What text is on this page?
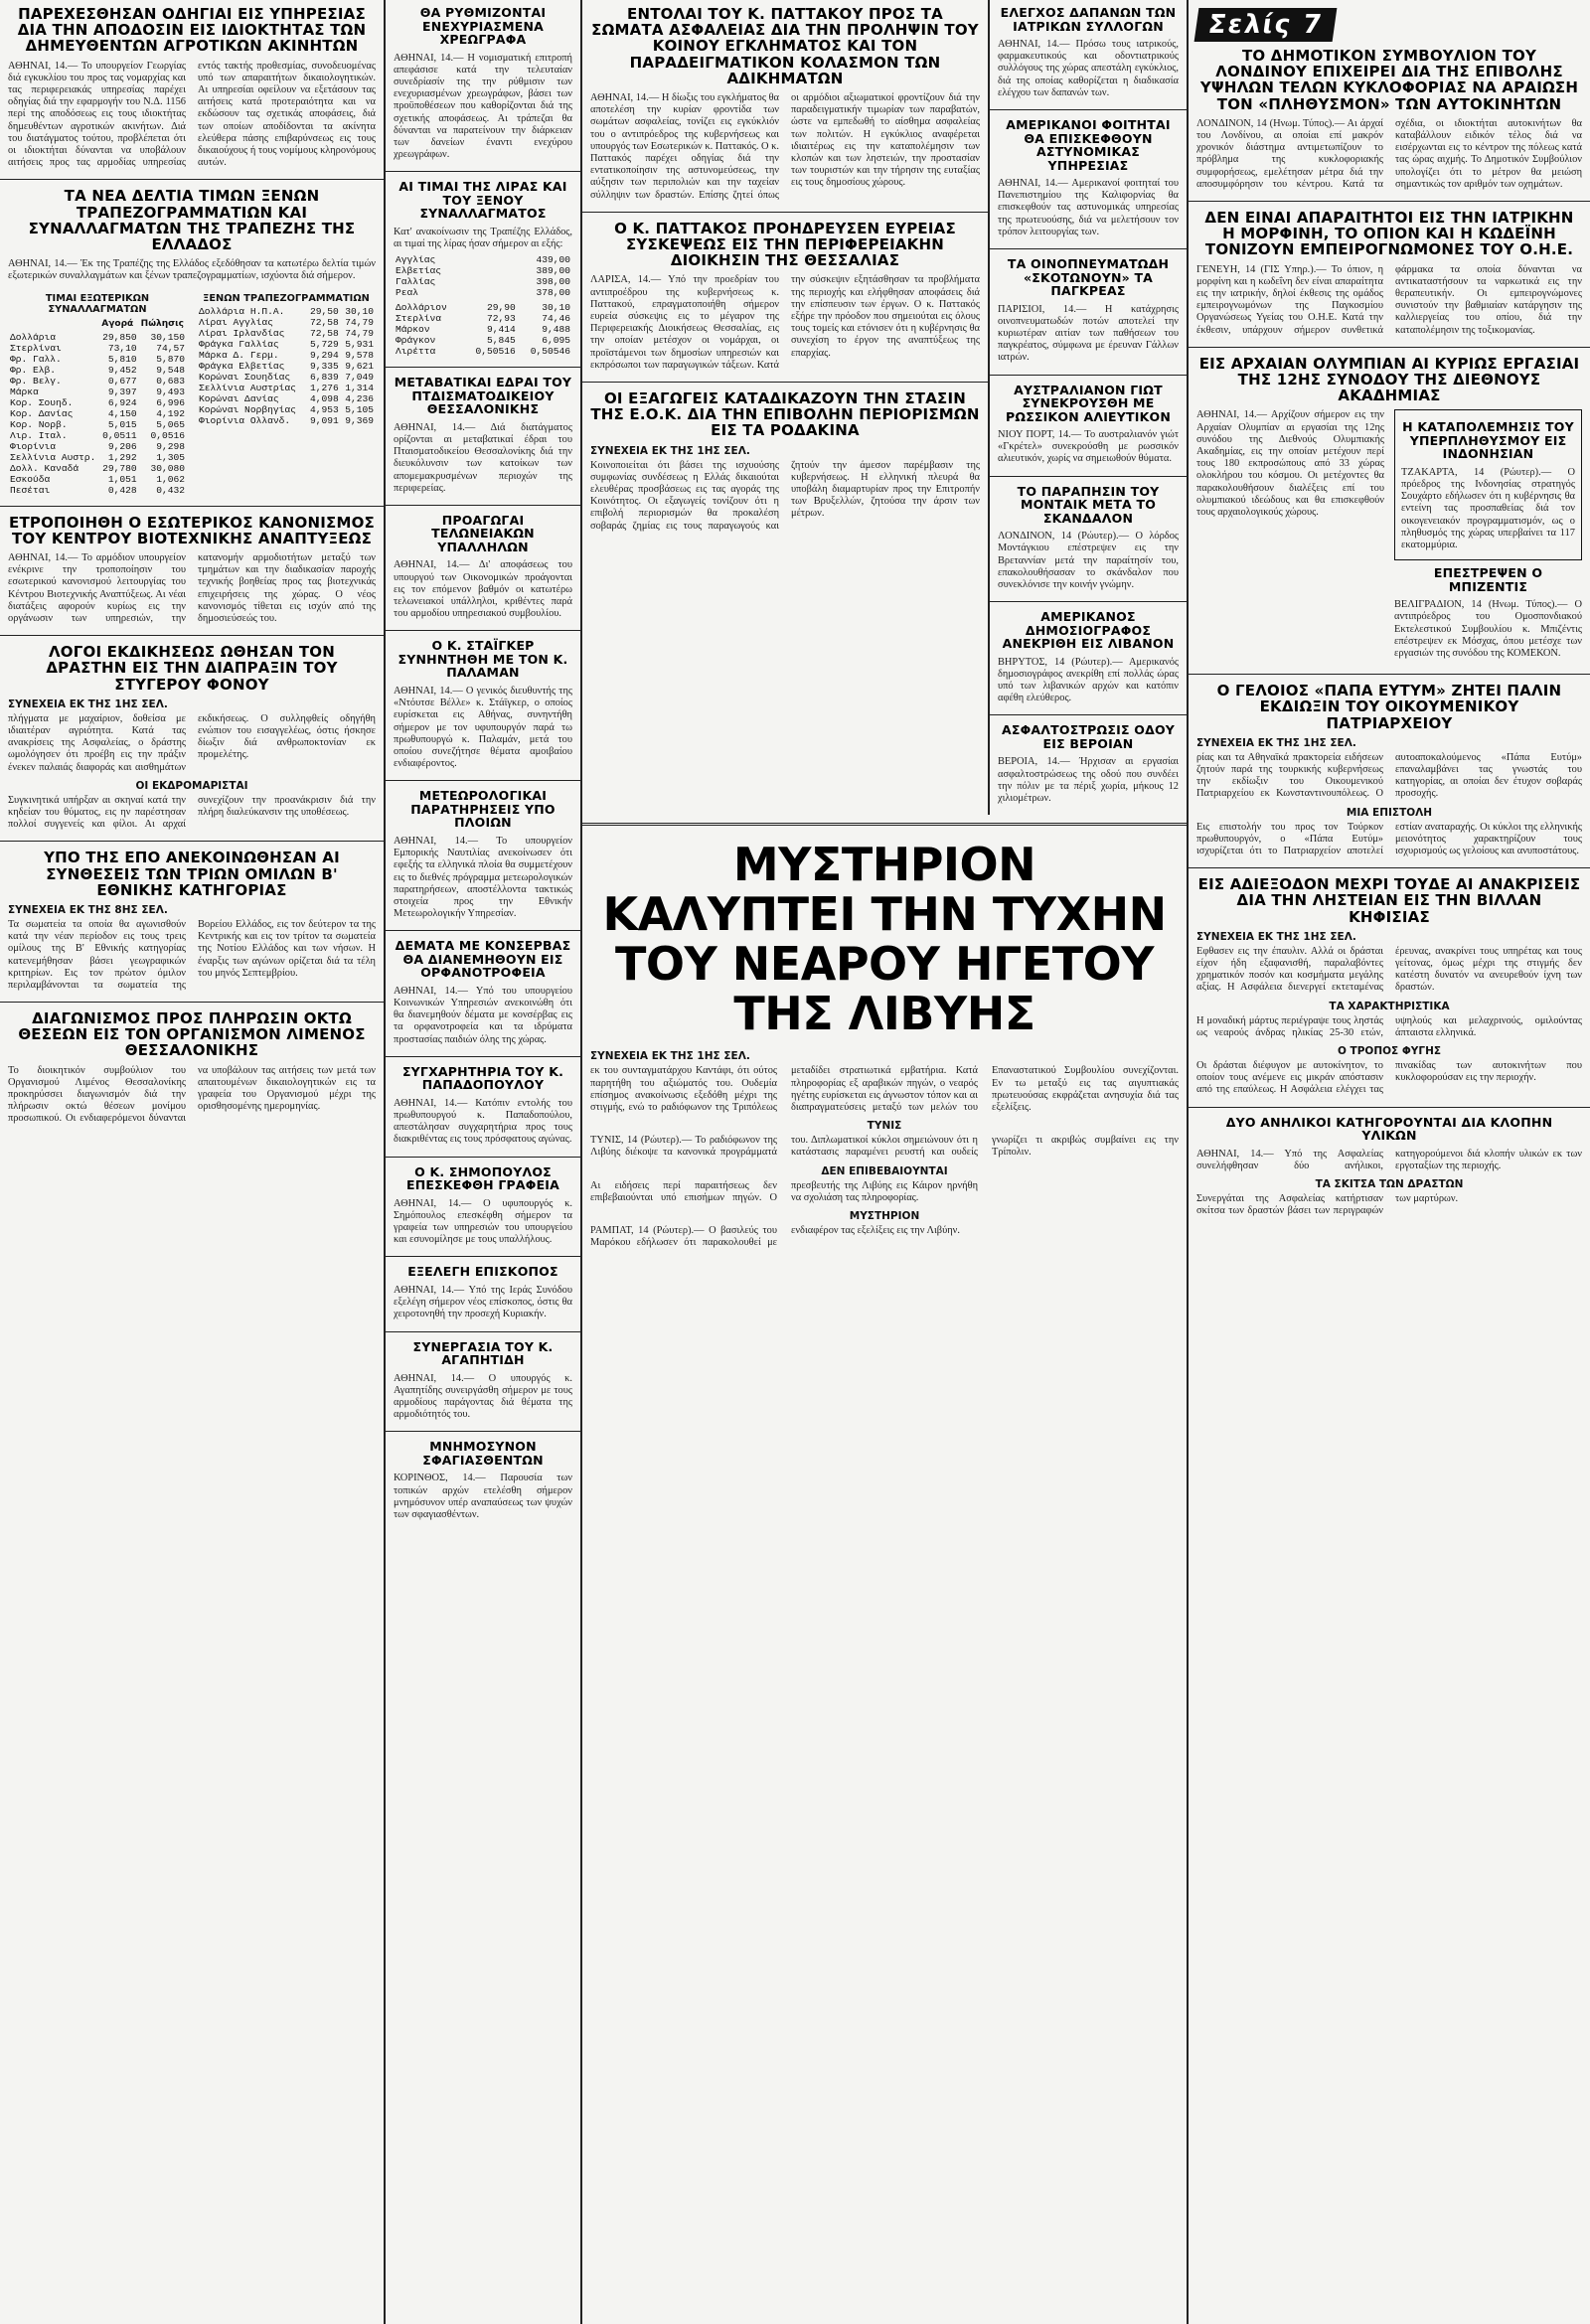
ΠΑΡΕΧΕΣΘΗΣΑΝ ΟΔΗΓΙΑΙ ΕΙΣ ΥΠΗΡΕΣΙΑΣ ΔΙΑ ΤΗΝ ΑΠΟΔΟΣΙΝ ΕΙΣ ΙΔΙΟΚΤΗΤΑΣ ΤΩΝ ΔΗΜΕΥΘΕΝΤΩΝ ΑΓΡΟΤΙΚΩΝ ΑΚΙΝΗΤΩΝ
ΑΘΗΝΑΙ, 14.— Το υπουργείον Γεωργίας διά εγκυκλίου του προς τας νομαρχίας και τας περιφερειακάς υπηρεσίας παρέχει οδηγίας διά την εφαρμογήν του Ν.Δ. 1156 περί της αποδόσεως εις τους ιδιοκτήτας δημευθέντων αγροτικών ακινήτων. Διά του διατάγματος τούτου, προβλέπεται ότι οι ιδιοκτήται δύνανται να υποβάλουν αιτήσεις προς τας αρμοδίας υπηρεσίας εντός τακτής προθεσμίας, συνοδευομένας υπό των απαραιτήτων δικαιολογητικών. Αι υπηρεσίαι οφείλουν να εξετάσουν τας αιτήσεις κατά προτεραιότητα και να εκδώσουν τας σχετικάς αποφάσεις, διά των οποίων αποδίδονται τα ακίνητα ελεύθερα πάσης επιβαρύνσεως εις τους δικαιούχους ή τους νομίμους κληρονόμους αυτών.
ΤΑ ΝΕΑ ΔΕΛΤΙΑ ΤΙΜΩΝ ΞΕΝΩΝ ΤΡΑΠΕΖΟΓΡΑΜΜΑΤΙΩΝ ΚΑΙ ΣΥΝΑΛΛΑΓΜΑΤΩΝ ΤΗΣ ΤΡΑΠΕΖΗΣ ΤΗΣ ΕΛΛΑΔΟΣ
ΑΘΗΝΑΙ, 14.— Ἐκ της Τραπέζης της Ελλάδος εξεδόθησαν τα κατωτέρω δελτία τιμών εξωτερικών συναλλαγμάτων και ξένων τραπεζογραμματίων, ισχύοντα διά σήμερον.
ΤΙΜΑΙ ΕΞΩΤΕΡΙΚΩΝ ΣΥΝΑΛΛΑΓΜΑΤΩΝ
	Αγορά	Πώλησις
Δολλάρια	29,850	30,150
Στερλίναι	73,10	74,57
Φρ. Γαλλ.	5,810	5,870
Φρ. Ελβ.	9,452	9,548
Φρ. Βελγ.	0,677	0,683
Μάρκα	9,397	9,493
Κορ. Σουηδ.	6,924	6,996
Κορ. Δανίας	4,150	4,192
Κορ. Νορβ.	5,015	5,065
Λιρ. Ιταλ.	0,0511	0,0516
Φιορίνια	9,206	9,298
Σελλίνια Αυστρ.	1,292	1,305
Δολλ. Καναδά	29,780	30,080
Εσκούδα	1,051	1,062
Πεσέται	0,428	0,432
ΞΕΝΩΝ ΤΡΑΠΕΖΟΓΡΑΜΜΑΤΙΩΝ
Δολλάρια Η.Π.Α.	29,50	30,10
Λίραι Αγγλίας	72,58	74,79
Λίραι Ιρλανδίας	72,58	74,79
Φράγκα Γαλλίας	5,729	5,931
Μάρκα Δ. Γερμ.	9,294	9,578
Φράγκα Ελβετίας	9,335	9,621
Κορώναι Σουηδίας	6,839	7,049
Σελλίνια Αυστρίας	1,276	1,314
Κορώναι Δανίας	4,098	4,236
Κορώναι Νορβηγίας	4,953	5,105
Φιορίνια Ολλανδ.	9,091	9,369
ΕΤΡΟΠΟΙΗΘΗ Ο ΕΣΩΤΕΡΙΚΟΣ ΚΑΝΟΝΙΣΜΟΣ ΤΟΥ ΚΕΝΤΡΟΥ ΒΙΟΤΕΧΝΙΚΗΣ ΑΝΑΠΤΥΞΕΩΣ
ΑΘΗΝΑΙ, 14.— Το αρμόδιον υπουργείον ενέκρινε την τροποποίησιν του εσωτερικού κανονισμού λειτουργίας του Κέντρου Βιοτεχνικής Αναπτύξεως. Αι νέαι διατάξεις αφορούν κυρίως εις την οργάνωσιν των υπηρεσιών, την κατανομήν αρμοδιοτήτων μεταξύ των τμημάτων και την διαδικασίαν παροχής τεχνικής βοηθείας προς τας βιοτεχνικάς επιχειρήσεις της χώρας. Ο νέος κανονισμός τίθεται εις ισχύν από της δημοσιεύσεώς του.
ΛΟΓΟΙ ΕΚΔΙΚΗΣΕΩΣ ΩΘΗΣΑΝ ΤΟΝ ΔΡΑΣΤΗΝ ΕΙΣ ΤΗΝ ΔΙΑΠΡΑΞΙΝ ΤΟΥ ΣΤΥΓΕΡΟΥ ΦΟΝΟΥ
ΣΥΝΕΧΕΙΑ ΕΚ ΤΗΣ 1ΗΣ ΣΕΛ.
πλήγματα με μαχαίριον, δοθείσα με ιδιαιτέραν αγριότητα. Κατά τας ανακρίσεις της Ασφαλείας, ο δράστης ωμολόγησεν ότι προέβη εις την πράξιν ένεκεν παλαιάς διαφοράς και αισθημάτων εκδικήσεως. Ο συλληφθείς οδηγήθη ενώπιον του εισαγγελέως, όστις ήσκησε δίωξιν διά ανθρωποκτονίαν εκ προμελέτης.
ΟΙ ΕΚΔΡΟΜΑΡΙΣΤΑΙ
Συγκινητικά υπήρξαν αι σκηναί κατά την κηδείαν του θύματος, εις ην παρέστησαν πολλοί συγγενείς και φίλοι. Αι αρχαί συνεχίζουν την προανάκρισιν διά την πλήρη διαλεύκανσιν της υποθέσεως.
ΥΠΟ ΤΗΣ ΕΠΟ ΑΝΕΚΟΙΝΩΘΗΣΑΝ ΑΙ ΣΥΝΘΕΣΕΙΣ ΤΩΝ ΤΡΙΩΝ ΟΜΙΛΩΝ Β' ΕΘΝΙΚΗΣ ΚΑΤΗΓΟΡΙΑΣ
ΣΥΝΕΧΕΙΑ ΕΚ ΤΗΣ 8ΗΣ ΣΕΛ.
Τα σωματεία τα οποία θα αγωνισθούν κατά την νέαν περίοδον εις τους τρεις ομίλους της Β' Εθνικής κατηγορίας κατενεμήθησαν βάσει γεωγραφικών κριτηρίων. Εις τον πρώτον όμιλον περιλαμβάνονται τα σωματεία της Βορείου Ελλάδος, εις τον δεύτερον τα της Κεντρικής και εις τον τρίτον τα σωματεία της Νοτίου Ελλάδος και των νήσων. Η έναρξις των αγώνων ορίζεται διά τα τέλη του μηνός Σεπτεμβρίου.
ΔΙΑΓΩΝΙΣΜΟΣ ΠΡΟΣ ΠΛΗΡΩΣΙΝ ΟΚΤΩ ΘΕΣΕΩΝ ΕΙΣ ΤΟΝ ΟΡΓΑΝΙΣΜΟΝ ΛΙΜΕΝΟΣ ΘΕΣΣΑΛΟΝΙΚΗΣ
Το διοικητικόν συμβούλιον του Οργανισμού Λιμένος Θεσσαλονίκης προκηρύσσει διαγωνισμόν διά την πλήρωσιν οκτώ θέσεων μονίμου προσωπικού. Οι ενδιαφερόμενοι δύνανται να υποβάλουν τας αιτήσεις των μετά των απαιτουμένων δικαιολογητικών εις τα γραφεία του Οργανισμού μέχρι της ορισθησομένης ημερομηνίας.
ΘΑ ΡΥΘΜΙΖΟΝΤΑΙ ΕΝΕΧΥΡΙΑΣΜΕΝΑ ΧΡΕΩΓΡΑΦΑ
ΑΘΗΝΑΙ, 14.— Η νομισματική επιτροπή απεφάσισε κατά την τελευταίαν συνεδρίασίν της την ρύθμισιν των ενεχυριασμένων χρεωγράφων, βάσει των προϋποθέσεων που καθορίζονται διά της σχετικής αποφάσεως. Αι τράπεζαι θα δύνανται να παρατείνουν την διάρκειαν των δανείων έναντι ενεχύρου χρεωγράφων.
ΑΙ ΤΙΜΑΙ ΤΗΣ ΛΙΡΑΣ ΚΑΙ ΤΟΥ ΞΕΝΟΥ ΣΥΝΑΛΛΑΓΜΑΤΟΣ
Κατ' ανακοίνωσιν της Τραπέζης Ελλάδος, αι τιμαί της λίρας ήσαν σήμερον αι εξής:
Αγγλίας	439,00
Ελβετίας	389,00
Γαλλίας	398,00
Ρεαλ	378,00
Δολλάριον	29,90	30,10
Στερλίνα	72,93	74,46
Μάρκον	9,414	9,488
Φράγκον	5,845	6,095
Λιρέττα	0,50516	0,50546
ΜΕΤΑΒΑΤΙΚΑΙ ΕΔΡΑΙ ΤΟΥ ΠΤΔΙΣΜΑΤΟΔΙΚΕΙΟΥ ΘΕΣΣΑΛΟΝΙΚΗΣ
ΑΘΗΝΑΙ, 14.— Διά διατάγματος ορίζονται αι μεταβατικαί έδραι του Πταισματοδικείου Θεσσαλονίκης διά την διευκόλυνσιν των κατοίκων των απομεμακρυσμένων περιοχών της περιφερείας.
ΠΡΟΑΓΩΓΑΙ ΤΕΛΩΝΕΙΑΚΩΝ ΥΠΑΛΛΗΛΩΝ
ΑΘΗΝΑΙ, 14.— Δι' αποφάσεως του υπουργού των Οικονομικών προάγονται εις τον επόμενον βαθμόν οι κατωτέρω τελωνειακοί υπάλληλοι, κριθέντες παρά του αρμοδίου υπηρεσιακού συμβουλίου.
Ο Κ. ΣΤΑΪΓΚΕΡ ΣΥΝΗΝΤΗΘΗ ΜΕ ΤΟΝ Κ. ΠΑΛΑΜΑΝ
ΑΘΗΝΑΙ, 14.— Ο γενικός διευθυντής της «Ντόυτσε Βέλλε» κ. Στάϊγκερ, ο οποίος ευρίσκεται εις Αθήνας, συνηντήθη σήμερον με τον υφυπουργόν παρά τω πρωθυπουργώ κ. Παλαμάν, μετά του οποίου συνεζήτησε θέματα αμοιβαίου ενδιαφέροντος.
ΜΕΤΕΩΡΟΛΟΓΙΚΑΙ ΠΑΡΑΤΗΡΗΣΕΙΣ ΥΠΟ ΠΛΟΙΩΝ
ΑΘΗΝΑΙ, 14.— Το υπουργείον Εμπορικής Ναυτιλίας ανεκοίνωσεν ότι εφεξής τα ελληνικά πλοία θα συμμετέχουν εις το διεθνές πρόγραμμα μετεωρολογικών παρατηρήσεων, αποστέλλοντα τακτικώς στοιχεία προς την Εθνικήν Μετεωρολογικήν Υπηρεσίαν.
ΔΕΜΑΤΑ ΜΕ ΚΟΝΣΕΡΒΑΣ ΘΑ ΔΙΑΝΕΜΗΘΟΥΝ ΕΙΣ ΟΡΦΑΝΟΤΡΟΦΕΙΑ
ΑΘΗΝΑΙ, 14.— Υπό του υπουργείου Κοινωνικών Υπηρεσιών ανεκοινώθη ότι θα διανεμηθούν δέματα με κονσέρβας εις τα ορφανοτροφεία και τα ιδρύματα προστασίας παιδιών όλης της χώρας.
ΣΥΓΧΑΡΗΤΗΡΙΑ ΤΟΥ Κ. ΠΑΠΑΔΟΠΟΥΛΟΥ
ΑΘΗΝΑΙ, 14.— Κατόπιν εντολής του πρωθυπουργού κ. Παπαδοπούλου, απεστάλησαν συγχαρητήρια προς τους διακριθέντας εις τους πρόσφατους αγώνας.
Ο Κ. ΣΗΜΟΠΟΥΛΟΣ ΕΠΕΣΚΕΦΘΗ ΓΡΑΦΕΙΑ
ΑΘΗΝΑΙ, 14.— Ο υφυπουργός κ. Σημόπουλος επεσκέφθη σήμερον τα γραφεία των υπηρεσιών του υπουργείου και εσυνομίλησε με τους υπαλλήλους.
ΕΞΕΛΕΓΗ ΕΠΙΣΚΟΠΟΣ
ΑΘΗΝΑΙ, 14.— Υπό της Ιεράς Συνόδου εξελέγη σήμερον νέος επίσκοπος, όστις θα χειροτονηθή την προσεχή Κυριακήν.
ΣΥΝΕΡΓΑΣΙΑ ΤΟΥ Κ. ΑΓΑΠΗΤΙΔΗ
ΑΘΗΝΑΙ, 14.— Ο υπουργός κ. Αγαπητίδης συνειργάσθη σήμερον με τους αρμοδίους παράγοντας διά θέματα της αρμοδιότητός του.
ΜΝΗΜΟΣΥΝΟΝ ΣΦΑΓΙΑΣΘΕΝΤΩΝ
ΚΟΡΙΝΘΟΣ, 14.— Παρουσία των τοπικών αρχών ετελέσθη σήμερον μνημόσυνον υπέρ αναπαύσεως των ψυχών των σφαγιασθέντων.
ΕΝΤΟΛΑΙ ΤΟΥ Κ. ΠΑΤΤΑΚΟΥ ΠΡΟΣ ΤΑ ΣΩΜΑΤΑ ΑΣΦΑΛΕΙΑΣ ΔΙΑ ΤΗΝ ΠΡΟΛΗΨΙΝ ΤΟΥ ΚΟΙΝΟΥ ΕΓΚΛΗΜΑΤΟΣ ΚΑΙ ΤΟΝ ΠΑΡΑΔΕΙΓΜΑΤΙΚΟΝ ΚΟΛΑΣΜΟΝ ΤΩΝ ΑΔΙΚΗΜΑΤΩΝ
ΑΘΗΝΑΙ, 14.— Η δίωξις του εγκλήματος θα αποτελέση την κυρίαν φροντίδα των σωμάτων ασφαλείας, τονίζει εις εγκύκλιόν του ο αντιπρόεδρος της κυβερνήσεως και υπουργός των Εσωτερικών κ. Παττακός. Ο κ. Παττακός παρέχει οδηγίας διά την εντατικοποίησιν της αστυνομεύσεως, την αύξησιν των περιπολιών και την ταχείαν σύλληψιν των δραστών. Επίσης ζητεί όπως οι αρμόδιοι αξιωματικοί φροντίζουν διά την παραδειγματικήν τιμωρίαν των παραβατών, ώστε να εμπεδωθή το αίσθημα ασφαλείας των πολιτών. Η εγκύκλιος αναφέρεται ιδιαιτέρως εις την καταπολέμησιν των κλοπών και των ληστειών, την προστασίαν των τουριστών και την τήρησιν της ευταξίας εις τους δημοσίους χώρους.
Ο Κ. ΠΑΤΤΑΚΟΣ ΠΡΟΗΔΡΕΥΣΕΝ ΕΥΡΕΙΑΣ ΣΥΣΚΕΨΕΩΣ ΕΙΣ ΤΗΝ ΠΕΡΙΦΕΡΕΙΑΚΗΝ ΔΙΟΙΚΗΣΙΝ ΤΗΣ ΘΕΣΣΑΛΙΑΣ
ΛΑΡΙΣΑ, 14.— Υπό την προεδρίαν του αντιπροέδρου της κυβερνήσεως κ. Παττακού, επραγματοποιήθη σήμερον ευρεία σύσκεψις εις το μέγαρον της Περιφερειακής Διοικήσεως Θεσσαλίας, εις την οποίαν μετέσχον οι νομάρχαι, οι προϊστάμενοι των δημοσίων υπηρεσιών και εκπρόσωποι των παραγωγικών τάξεων. Κατά την σύσκεψιν εξητάσθησαν τα προβλήματα της περιοχής και ελήφθησαν αποφάσεις διά την επίσπευσιν των έργων. Ο κ. Παττακός εξήρε την πρόοδον που σημειούται εις όλους τους τομείς και ετόνισεν ότι η κυβέρνησις θα συνεχίση το έργον της αναπτύξεως της επαρχίας.
ΟΙ ΕΞΑΓΩΓΕΙΣ ΚΑΤΑΔΙΚΑΖΟΥΝ ΤΗΝ ΣΤΑΣΙΝ ΤΗΣ Ε.Ο.Κ. ΔΙΑ ΤΗΝ ΕΠΙΒΟΛΗΝ ΠΕΡΙΟΡΙΣΜΩΝ ΕΙΣ ΤΑ ΡΟΔΑΚΙΝΑ
ΣΥΝΕΧΕΙΑ ΕΚ ΤΗΣ 1ΗΣ ΣΕΛ.
Κοινοποιείται ότι βάσει της ισχυούσης συμφωνίας συνδέσεως η Ελλάς δικαιούται ελευθέρας προσβάσεως εις τας αγοράς της Κοινότητος. Οι εξαγωγείς τονίζουν ότι η επιβολή περιορισμών θα προκαλέση σοβαράς ζημίας εις τους παραγωγούς και ζητούν την άμεσον παρέμβασιν της κυβερνήσεως. Η ελληνική πλευρά θα υποβάλη διαμαρτυρίαν προς την Επιτροπήν των Βρυξελλών, ζητούσα την άρσιν των μέτρων.
ΕΛΕΓΧΟΣ ΔΑΠΑΝΩΝ ΤΩΝ ΙΑΤΡΙΚΩΝ ΣΥΛΛΟΓΩΝ
ΑΘΗΝΑΙ, 14.— Πρόσω τους ιατρικούς, φαρμακευτικούς και οδοντιατρικούς συλλόγους της χώρας απεστάλη εγκύκλιος, διά της οποίας καθορίζεται η διαδικασία ελέγχου των δαπανών των.
ΑΜΕΡΙΚΑΝΟΙ ΦΟΙΤΗΤΑΙ ΘΑ ΕΠΙΣΚΕΦΘΟΥΝ ΑΣΤΥΝΟΜΙΚΑΣ ΥΠΗΡΕΣΙΑΣ
ΑΘΗΝΑΙ, 14.— Αμερικανοί φοιτηταί του Πανεπιστημίου της Καλιφορνίας θα επισκεφθούν τας αστυνομικάς υπηρεσίας της πρωτευούσης, διά να μελετήσουν τον τρόπον λειτουργίας των.
ΤΑ ΟΙΝΟΠΝΕΥΜΑΤΩΔΗ «ΣΚΟΤΩΝΟΥΝ» ΤΑ ΠΑΓΚΡΕΑΣ
ΠΑΡΙΣΙΟΙ, 14.— Η κατάχρησις οινοπνευματωδών ποτών αποτελεί την κυριωτέραν αιτίαν των παθήσεων του παγκρέατος, σύμφωνα με έρευναν Γάλλων ιατρών.
ΑΥΣΤΡΑΛΙΑΝΟΝ ΓΙΩΤ ΣΥΝΕΚΡΟΥΣΘΗ ΜΕ ΡΩΣΣΙΚΟΝ ΑΛΙΕΥΤΙΚΟΝ
ΝΙΟΥ ΠΟΡΤ, 14.— Το αυστραλιανόν γιώτ «Γκρέτελ» συνεκρούσθη με ρωσσικόν αλιευτικόν, χωρίς να σημειωθούν θύματα.
ΤΟ ΠΑΡΑΠΗΣΙΝ ΤΟΥ ΜΟΝΤΑΙΚ ΜΕΤΑ ΤΟ ΣΚΑΝΔΑΛΟΝ
ΛΟΝΔΙΝΟΝ, 14 (Ρώυτερ).— Ο λόρδος Μοντάγκιου επέστρεψεν εις την Βρεταννίαν μετά την παραίτησίν του, επακολουθήσασαν το σκάνδαλον που συνεκλόνισε την κοινήν γνώμην.
ΑΜΕΡΙΚΑΝΟΣ ΔΗΜΟΣΙΟΓΡΑΦΟΣ ΑΝΕΚΡΙΘΗ ΕΙΣ ΛΙΒΑΝΟΝ
ΒΗΡΥΤΟΣ, 14 (Ρώυτερ).— Αμερικανός δημοσιογράφος ανεκρίθη επί πολλάς ώρας υπό των λιβανικών αρχών και κατόπιν αφέθη ελεύθερος.
ΑΣΦΑΛΤΟΣΤΡΩΣΙΣ ΟΔΟΥ ΕΙΣ ΒΕΡΟΙΑΝ
ΒΕΡΟΙΑ, 14.— Ήρχισαν αι εργασίαι ασφαλτοστρώσεως της οδού που συνδέει την πόλιν με τα πέριξ χωρία, μήκους 12 χιλιομέτρων.
ΜΥΣΤΗΡΙΟΝ ΚΑΛΥΠΤΕΙ ΤΗΝ ΤΥΧΗΝ ΤΟΥ ΝΕΑΡΟΥ ΗΓΕΤΟΥ ΤΗΣ ΛΙΒΥΗΣ
ΣΥΝΕΧΕΙΑ ΕΚ ΤΗΣ 1ΗΣ ΣΕΛ.
εκ του συνταγματάρχου Καντάφι, ότι ούτος παρητήθη του αξιώματός του. Ουδεμία επίσημος ανακοίνωσις εξεδόθη μέχρι της στιγμής, ενώ το ραδιόφωνον της Τριπόλεως μεταδίδει στρατιωτικά εμβατήρια. Κατά πληροφορίας εξ αραβικών πηγών, ο νεαρός ηγέτης ευρίσκεται εις άγνωστον τόπον και αι διαπραγματεύσεις μεταξύ των μελών του Επαναστατικού Συμβουλίου συνεχίζονται. Εν τω μεταξύ εις τας αιγυπτιακάς πρωτευούσας εκφράζεται ανησυχία διά τας εξελίξεις.
ΤΥΝΙΣ
ΤΥΝΙΣ, 14 (Ρώυτερ).— Το ραδιόφωνον της Λιβύης διέκοψε τα κανονικά προγράμματά του. Διπλωματικοί κύκλοι σημειώνουν ότι η κατάστασις παραμένει ρευστή και ουδείς γνωρίζει τι ακριβώς συμβαίνει εις την Τρίπολιν.
ΔΕΝ ΕΠΙΒΕΒΑΙΟΥΝΤΑΙ
Αι ειδήσεις περί παραιτήσεως δεν επιβεβαιούνται υπό επισήμων πηγών. Ο πρεσβευτής της Λιβύης εις Κάιρον ηρνήθη να σχολιάση τας πληροφορίας.
ΜΥΣΤΗΡΙΟΝ
ΡΑΜΠΑΤ, 14 (Ρώυτερ).— Ο βασιλεύς του Μαρόκου εδήλωσεν ότι παρακολουθεί με ενδιαφέρον τας εξελίξεις εις την Λιβύην.
Σελίς 7
ΤΟ ΔΗΜΟΤΙΚΟΝ ΣΥΜΒΟΥΛΙΟΝ ΤΟΥ ΛΟΝΔΙΝΟΥ ΕΠΙΧΕΙΡΕΙ ΔΙΑ ΤΗΣ ΕΠΙΒΟΛΗΣ ΥΨΗΛΩΝ ΤΕΛΩΝ ΚΥΚΛΟΦΟΡΙΑΣ ΝΑ ΑΡΑΙΩΣΗ ΤΟΝ «ΠΛΗΘΥΣΜΟΝ» ΤΩΝ ΑΥΤΟΚΙΝΗΤΩΝ
ΛΟΝΔΙΝΟΝ, 14 (Ηνωμ. Τύπος).— Αι άρχαί του Λονδίνου, αι οποίαι επί μακρόν χρονικόν διάστημα αντιμετωπίζουν το πρόβλημα της κυκλοφοριακής συμφορήσεως, εμελέτησαν μέτρα διά την αποσυμφόρησιν του κέντρου. Κατά τα σχέδια, οι ιδιοκτήται αυτοκινήτων θα καταβάλλουν ειδικόν τέλος διά να εισέρχωνται εις το κέντρον της πόλεως κατά τας ώρας αιχμής. Το Δημοτικόν Συμβούλιον υπολογίζει ότι το μέτρον θα μειώση σημαντικώς τον αριθμόν των οχημάτων.
ΔΕΝ ΕΙΝΑΙ ΑΠΑΡΑΙΤΗΤΟΙ ΕΙΣ ΤΗΝ ΙΑΤΡΙΚΗΝ Η ΜΟΡΦΙΝΗ, ΤΟ ΟΠΙΟΝ ΚΑΙ Η ΚΩΔΕΪΝΗ ΤΟΝΙΖΟΥΝ ΕΜΠΕΙΡΟΓΝΩΜΟΝΕΣ ΤΟΥ Ο.Η.Ε.
ΓΕΝΕΥΗ, 14 (ΓΙΣ Υπηρ.).— Το όπιον, η μορφίνη και η κωδεΐνη δεν είναι απαραίτητα εις την ιατρικήν, δηλοί έκθεσις της ομάδος εμπειρογνωμόνων της Παγκοσμίου Οργανώσεως Υγείας του Ο.Η.Ε. Κατά την έκθεσιν, υπάρχουν σήμερον συνθετικά φάρμακα τα οποία δύνανται να αντικαταστήσουν τα ναρκωτικά εις την θεραπευτικήν. Οι εμπειρογνώμονες συνιστούν την βαθμιαίαν κατάργησιν της καλλιεργείας του οπίου, διά την καταπολέμησιν της τοξικομανίας.
ΕΙΣ ΑΡΧΑΙΑΝ ΟΛΥΜΠΙΑΝ ΑΙ ΚΥΡΙΩΣ ΕΡΓΑΣΙΑΙ ΤΗΣ 12ΗΣ ΣΥΝΟΔΟΥ ΤΗΣ ΔΙΕΘΝΟΥΣ ΑΚΑΔΗΜΙΑΣ
ΑΘΗΝΑΙ, 14.— Αρχίζουν σήμερον εις την Αρχαίαν Ολυμπίαν αι εργασίαι της 12ης συνόδου της Διεθνούς Ολυμπιακής Ακαδημίας, εις την οποίαν μετέχουν περί τους 180 εκπροσώπους από 33 χώρας ολοκλήρου του κόσμου. Οι μετέχοντες θα παρακολουθήσουν διαλέξεις επί του ολυμπιακού ιδεώδους και θα επισκεφθούν τους αρχαιολογικούς χώρους.
Η ΚΑΤΑΠΟΛΕΜΗΣΙΣ ΤΟΥ ΥΠΕΡΠΛΗΘΥΣΜΟΥ ΕΙΣ ΙΝΔΟΝΗΣΙΑΝ
ΤΖΑΚΑΡΤΑ, 14 (Ρώυτερ).— Ο πρόεδρος της Ινδονησίας στρατηγός Σουχάρτο εδήλωσεν ότι η κυβέρνησις θα εντείνη τας προσπαθείας διά τον οικογενειακόν προγραμματισμόν, ως ο πληθυσμός της χώρας υπερβαίνει τα 117 εκατομμύρια.
ΕΠΕΣΤΡΕΨΕΝ Ο ΜΠΙΖΕΝΤΙΣ
ΒΕΛΙΓΡΑΔΙΟΝ, 14 (Ηνωμ. Τύπος).— Ο αντιπρόεδρος του Ομοσπονδιακού Εκτελεστικού Συμβουλίου κ. Μπιζέντις επέστρεψεν εκ Μόσχας, όπου μετέσχε των εργασιών της συνόδου της ΚΟΜΕΚΟΝ.
Ο ΓΕΛΟΙΟΣ «ΠΑΠΑ ΕΥΤΥΜ» ΖΗΤΕΙ ΠΑΛΙΝ ΕΚΔΙΩΞΙΝ ΤΟΥ ΟΙΚΟΥΜΕΝΙΚΟΥ ΠΑΤΡΙΑΡΧΕΙΟΥ
ΣΥΝΕΧΕΙΑ ΕΚ ΤΗΣ 1ΗΣ ΣΕΛ.
ρίας και τα Αθηναϊκά πρακτορεία ειδήσεων ζητούν παρά της τουρκικής κυβερνήσεως την εκδίωξιν του Οικουμενικού Πατριαρχείου εκ Κωνσταντινουπόλεως. Ο αυτοαποκαλούμενος «Πάπα Ευτύμ» επαναλαμβάνει τας γνωστάς του κατηγορίας, αι οποίαι δεν έτυχον σοβαράς προσοχής.
ΜΙΑ ΕΠΙΣΤΟΛΗ
Εις επιστολήν του προς τον Τούρκον πρωθυπουργόν, ο «Πάπα Ευτύμ» ισχυρίζεται ότι το Πατριαρχείον αποτελεί εστίαν αναταραχής. Οι κύκλοι της ελληνικής μειονότητος χαρακτηρίζουν τους ισχυρισμούς ως γελοίους και ανυποστάτους.
ΕΙΣ ΑΔΙΕΞΟΔΟΝ ΜΕΧΡΙ ΤΟΥΔΕ ΑΙ ΑΝΑΚΡΙΣΕΙΣ ΔΙΑ ΤΗΝ ΛΗΣΤΕΙΑΝ ΕΙΣ ΤΗΝ ΒΙΛΛΑΝ ΚΗΦΙΣΙΑΣ
ΣΥΝΕΧΕΙΑ ΕΚ ΤΗΣ 1ΗΣ ΣΕΛ.
Εφθασεν εις την έπαυλιν. Αλλά οι δράσται είχον ήδη εξαφανισθή, παραλαβόντες χρηματικόν ποσόν και κοσμήματα μεγάλης αξίας. Η Ασφάλεια διενεργεί εκτεταμένας έρευνας, ανακρίνει τους υπηρέτας και τους γείτονας, όμως μέχρι της στιγμής δεν κατέστη δυνατόν να ανευρεθούν ίχνη των δραστών.
ΤΑ ΧΑΡΑΚΤΗΡΙΣΤΙΚΑ
Η μοναδική μάρτυς περιέγραψε τους ληστάς ως νεαρούς άνδρας ηλικίας 25-30 ετών, υψηλούς και μελαχρινούς, ομιλούντας άπταιστα ελληνικά.
Ο ΤΡΟΠΟΣ ΦΥΓΗΣ
Οι δράσται διέφυγον με αυτοκίνητον, το οποίον τους ανέμενε εις μικράν απόστασιν από της επαύλεως. Η Ασφάλεια ελέγχει τας πινακίδας των αυτοκινήτων που κυκλοφορούσαν εις την περιοχήν.
ΔΥΟ ΑΝΗΛΙΚΟΙ ΚΑΤΗΓΟΡΟΥΝΤΑΙ ΔΙΑ ΚΛΟΠΗΝ ΥΛΙΚΩΝ
ΑΘΗΝΑΙ, 14.— Υπό της Ασφαλείας συνελήφθησαν δύο ανήλικοι, κατηγορούμενοι διά κλοπήν υλικών εκ των εργοταξίων της περιοχής.
ΤΑ ΣΚΙΤΣΑ ΤΩΝ ΔΡΑΣΤΩΝ
Συνεργάται της Ασφαλείας κατήρτισαν σκίτσα των δραστών βάσει των περιγραφών των μαρτύρων.
